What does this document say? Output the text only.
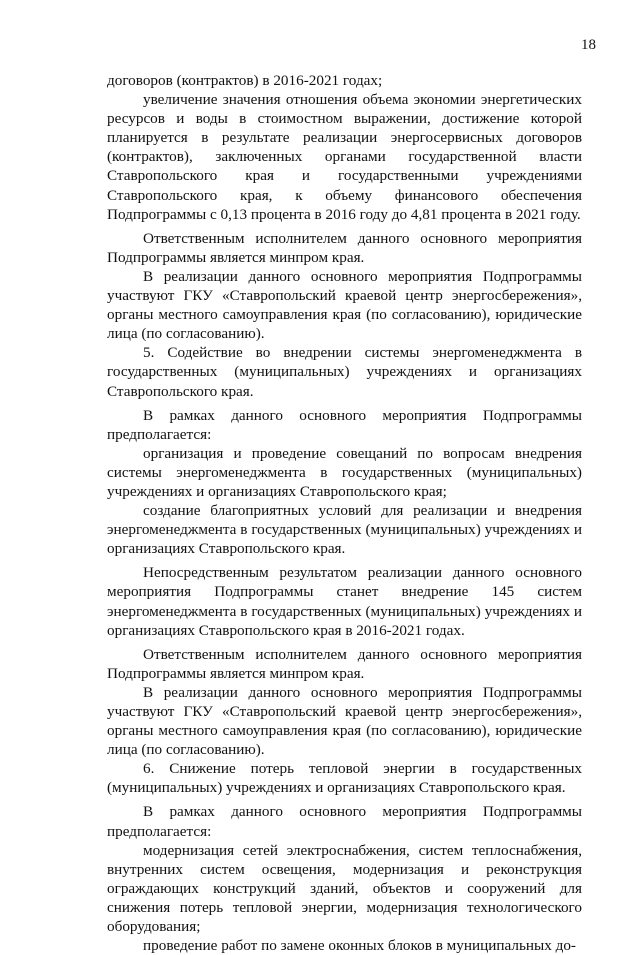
18

договоров (контрактов) в 2016-2021 годах;

увеличение значения отношения объема экономии энергетических ресурсов и воды в стоимостном выражении, достижение которой планируется в результате реализации энергосервисных договоров (контрактов), заключенных органами государственной власти Ставропольского края и государственными учреждениями Ставропольского края, к объему финансового обеспечения Подпрограммы с 0,13 процента в 2016 году до 4,81 процента в 2021 году.

Ответственным исполнителем данного основного мероприятия Подпрограммы является минпром края.

В реализации данного основного мероприятия Подпрограммы участвуют ГКУ «Ставропольский краевой центр энергосбережения», органы местного самоуправления края (по согласованию), юридические лица (по согласованию).

5. Содействие во внедрении системы энергоменеджмента в государственных (муниципальных) учреждениях и организациях Ставропольского края.

В рамках данного основного мероприятия Подпрограммы предполагается:

организация и проведение совещаний по вопросам внедрения системы энергоменеджмента в государственных (муниципальных) учреждениях и организациях Ставропольского края;

создание благоприятных условий для реализации и внедрения энергоменеджмента в государственных (муниципальных) учреждениях и организациях Ставропольского края.

Непосредственным результатом реализации данного основного мероприятия Подпрограммы станет внедрение 145 систем энергоменеджмента в государственных (муниципальных) учреждениях и организациях Ставропольского края в 2016-2021 годах.

Ответственным исполнителем данного основного мероприятия Подпрограммы является минпром края.

В реализации данного основного мероприятия Подпрограммы участвуют ГКУ «Ставропольский краевой центр энергосбережения», органы местного самоуправления края (по согласованию), юридические лица (по согласованию).

6. Снижение потерь тепловой энергии в государственных (муниципальных) учреждениях и организациях Ставропольского края.

В рамках данного основного мероприятия Подпрограммы предполагается:

модернизация сетей электроснабжения, систем теплоснабжения, внутренних систем освещения, модернизация и реконструкция ограждающих конструкций зданий, объектов и сооружений для снижения потерь тепловой энергии, модернизация технологического оборудования;

проведение работ по замене оконных блоков в муниципальных до-
